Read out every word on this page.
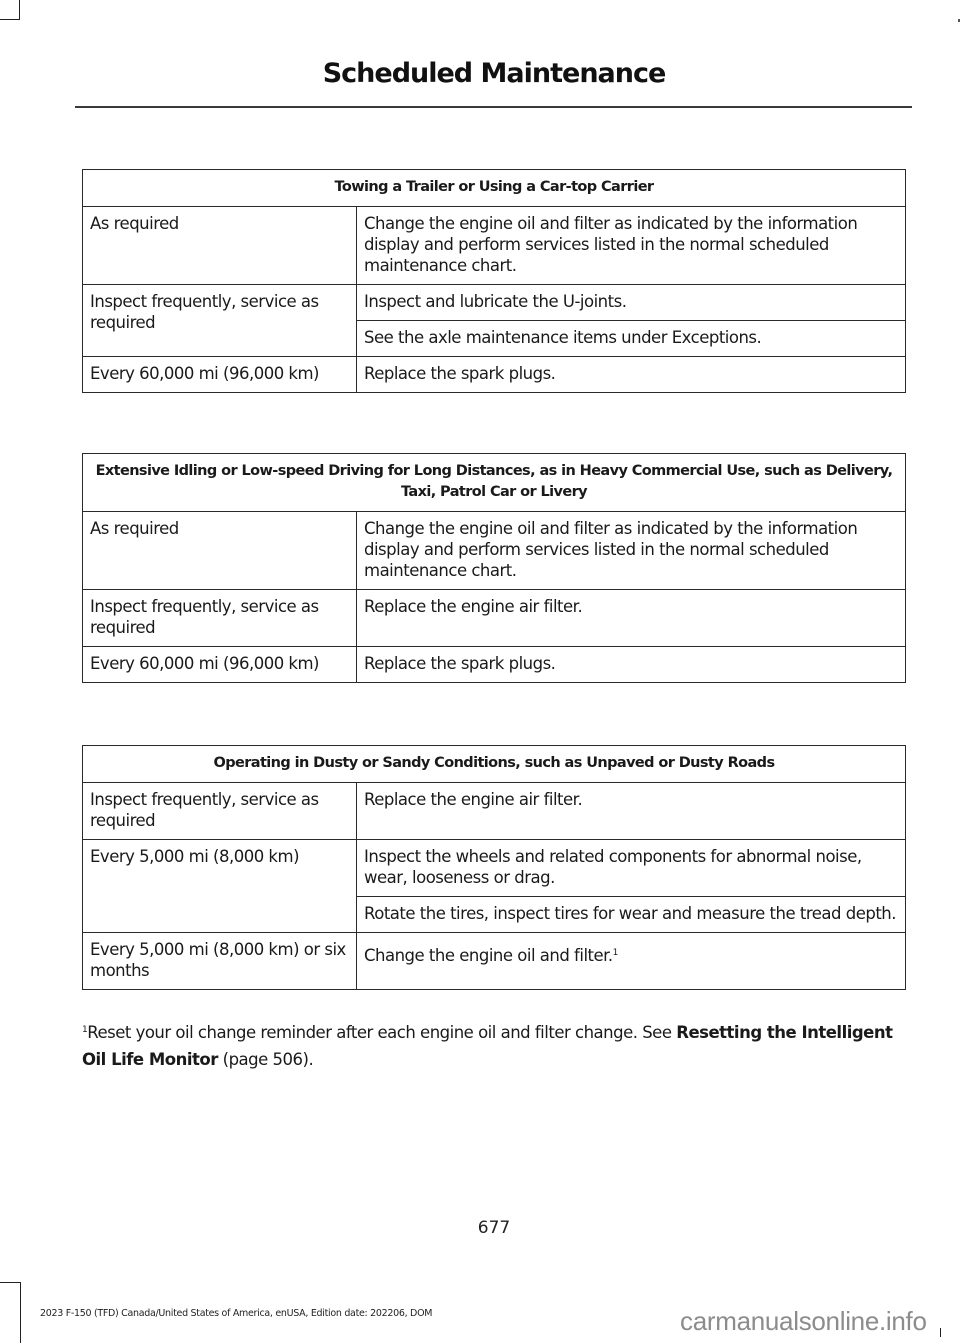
Scheduled Maintenance
Towing a Trailer or Using a Car-top Carrier	
As required	Change the engine oil and filter as indicated by the information display and perform services listed in the normal scheduled maintenance chart.
Inspect frequently, service as required	Inspect and lubricate the U-joints.
	See the axle maintenance items under Exceptions.
Every 60,000 mi (96,000 km)	Replace the spark plugs.
Extensive Idling or Low-speed Driving for Long Distances, as in Heavy Commercial Use, such as Delivery, Taxi, Patrol Car or Livery	
As required	Change the engine oil and filter as indicated by the information display and perform services listed in the normal scheduled maintenance chart.
Inspect frequently, service as required	Replace the engine air filter.
Every 60,000 mi (96,000 km)	Replace the spark plugs.
Operating in Dusty or Sandy Conditions, such as Unpaved or Dusty Roads	
Inspect frequently, service as required	Replace the engine air filter.
Every 5,000 mi (8,000 km)	Inspect the wheels and related components for abnormal noise, wear, looseness or drag.
	Rotate the tires, inspect tires for wear and measure the tread depth.
Every 5,000 mi (8,000 km) or six months	Change the engine oil and filter.$^1$
$^1$Reset your oil change reminder after each engine oil and filter change. See Resetting the Intelligent Oil Life Monitor (page 506).
677
2023 F-150 (TFD) Canada/United States of America, enUSA, Edition date: 202206, DOM	carmanualsonline.info
